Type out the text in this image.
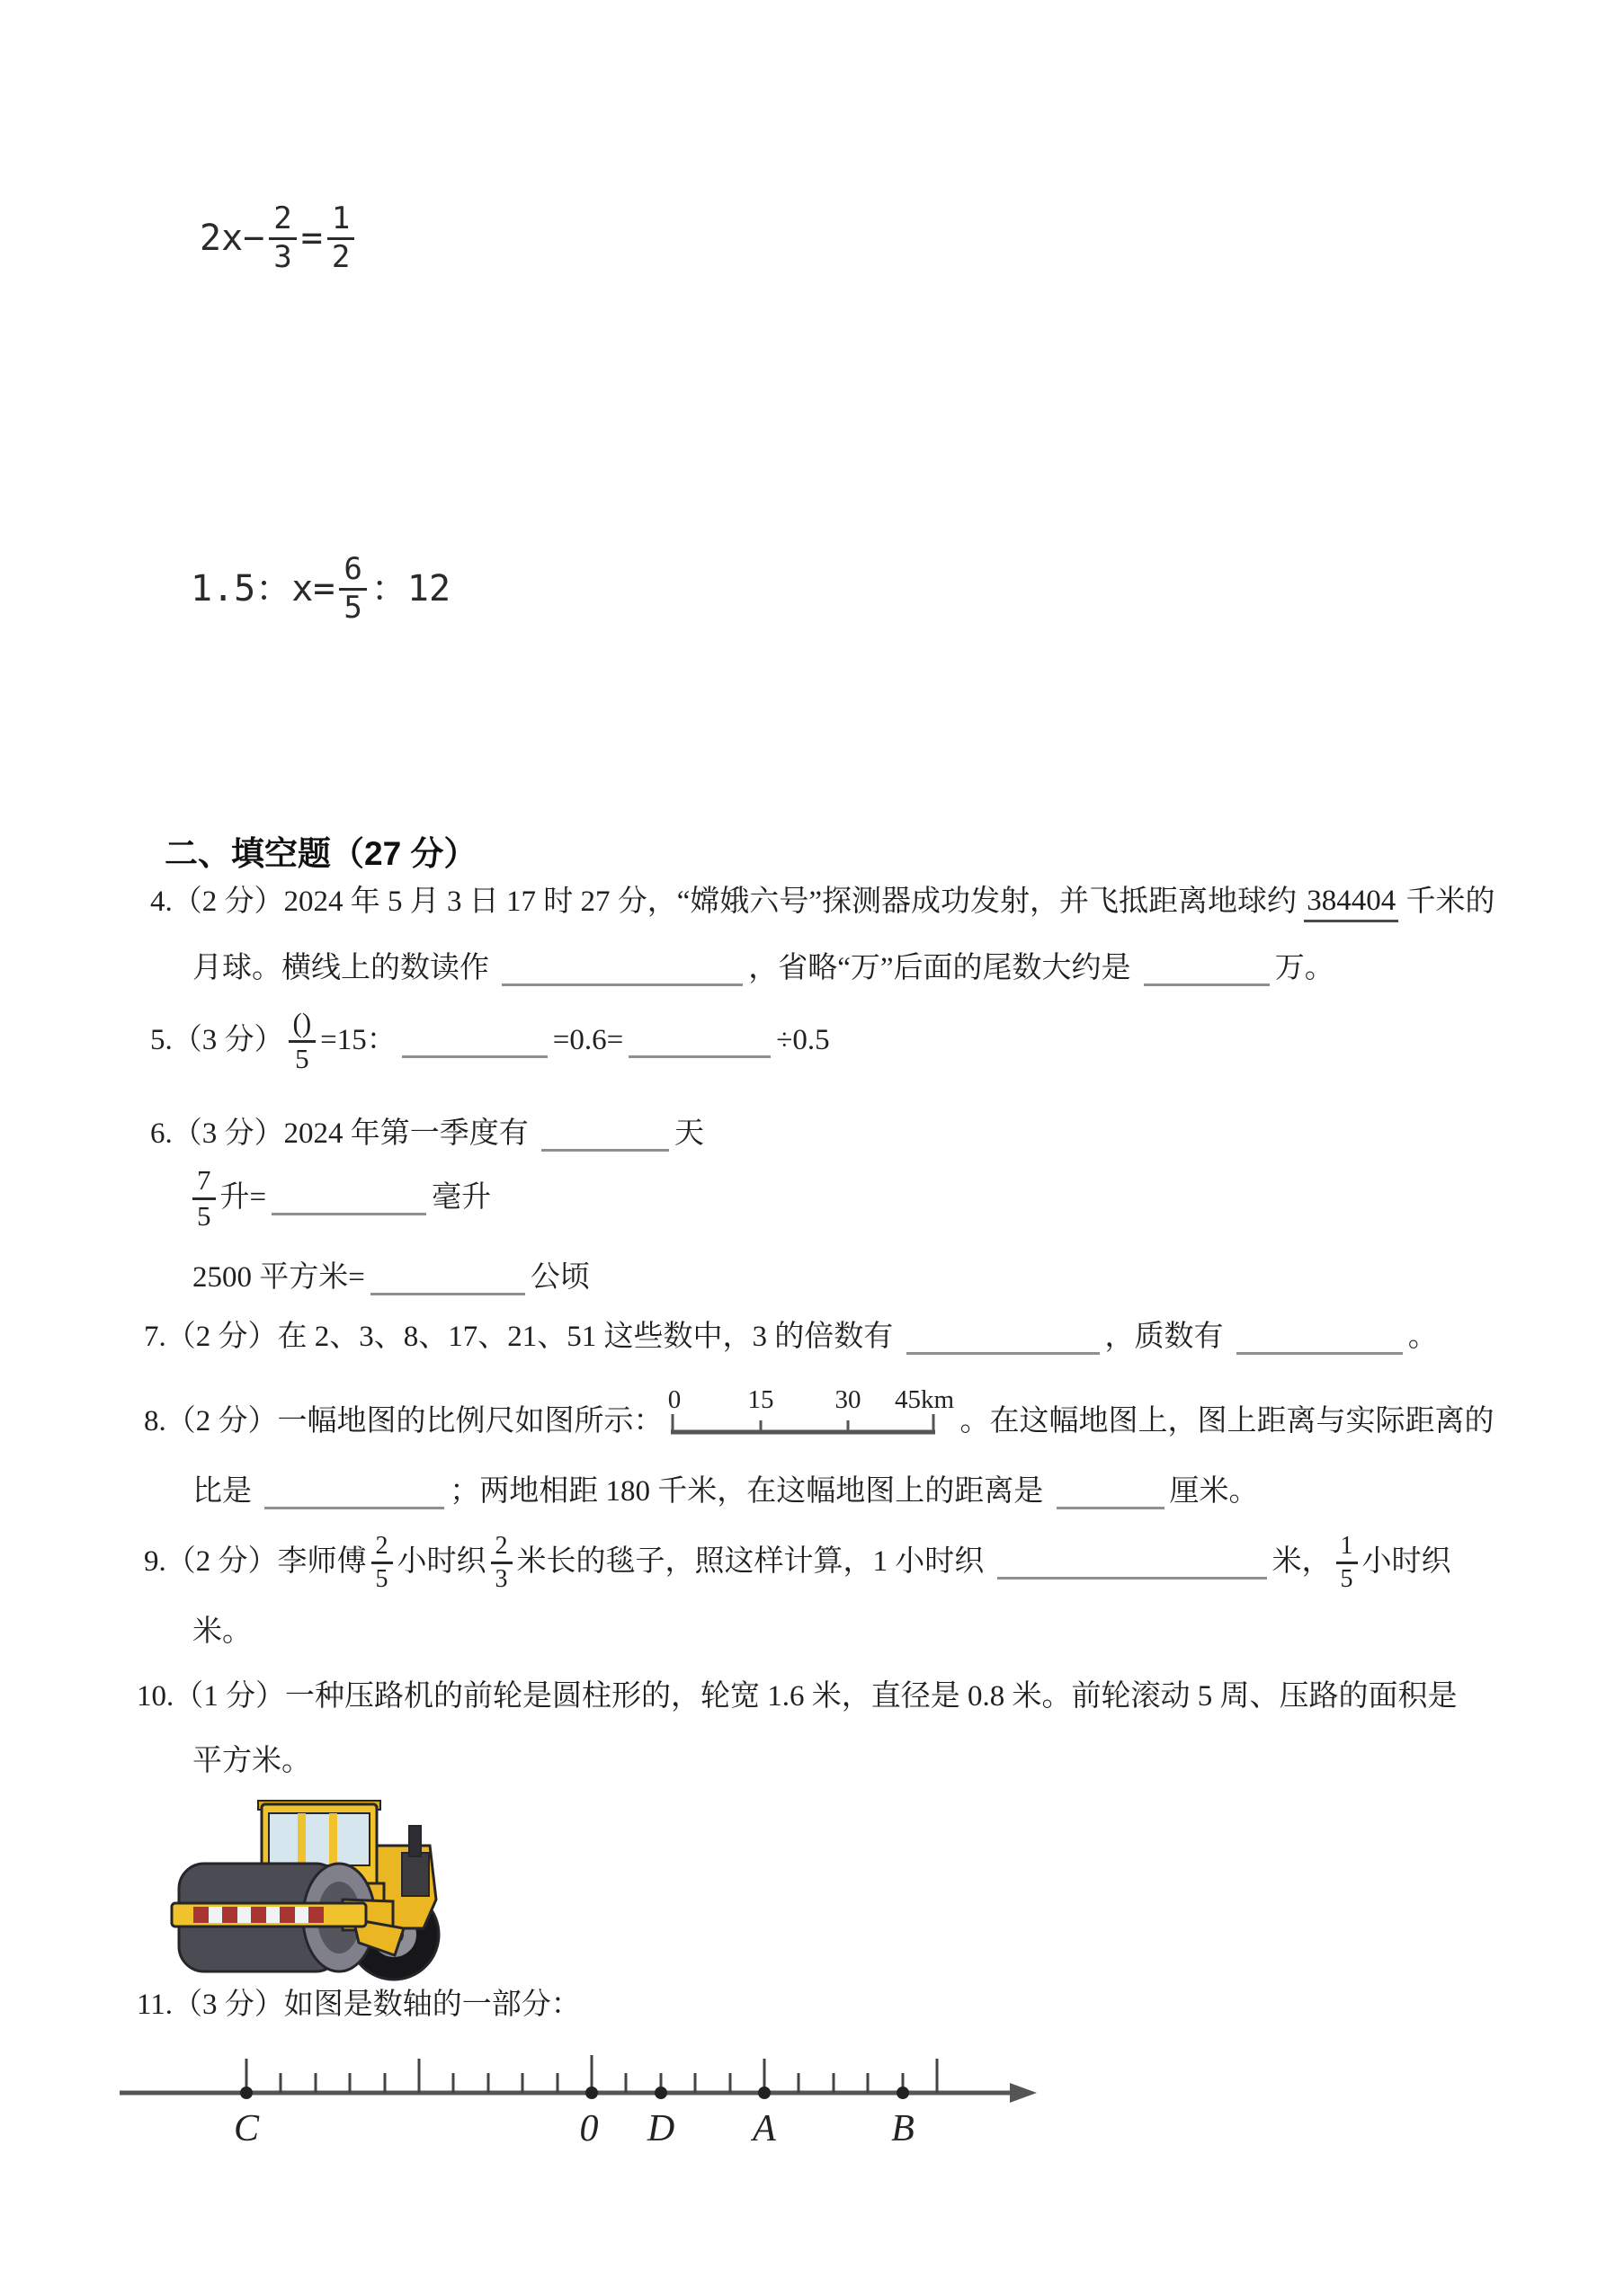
$2x- \frac{2}{3} = \frac{1}{2}$
1.5：$x= \frac{6}{5}$ ：12
二、填空题（27 分）
4.（2 分）2024 年 5 月 3 日 17 时 27 分，“嫦娥六号”探测器成功发射，并飞抵距离地球约 384404 千米的
月球。横线上的数读作	，省略“万”后面的尾数大约是	万。
5.（3 分） $\frac{()}{5} =15$：	=0.6=	÷0.5
6.（3 分）2024 年第一季度有	天
$\frac{7}{5}$ 升=	毫升
2500 平方米=	公顷
7.（2 分）在 2、3、8、17、21、51 这些数中，3 的倍数有	，质数有	。
8.（2 分）一幅地图的比例尺如图所示：
0	15 30 45km
。在这幅地图上，图上距离与实际距离的
比是	；两地相距 180 千米，在这幅地图上的距离是	厘米。
9.（2 分）李师傅 $\frac{2}{5}$ 小时织 $\frac{2}{3}$ 米长的毯子，照这样计算，1 小时织	米， $\frac{1}{5}$ 小时织
米。
10.（1 分）一种压路机的前轮是圆柱形的，轮宽 1.6 米，直径是 0.8 米。前轮滚动 5 周、压路的面积是
平方米。
11.（3 分）如图是数轴的一部分：
C	0 D A	B
